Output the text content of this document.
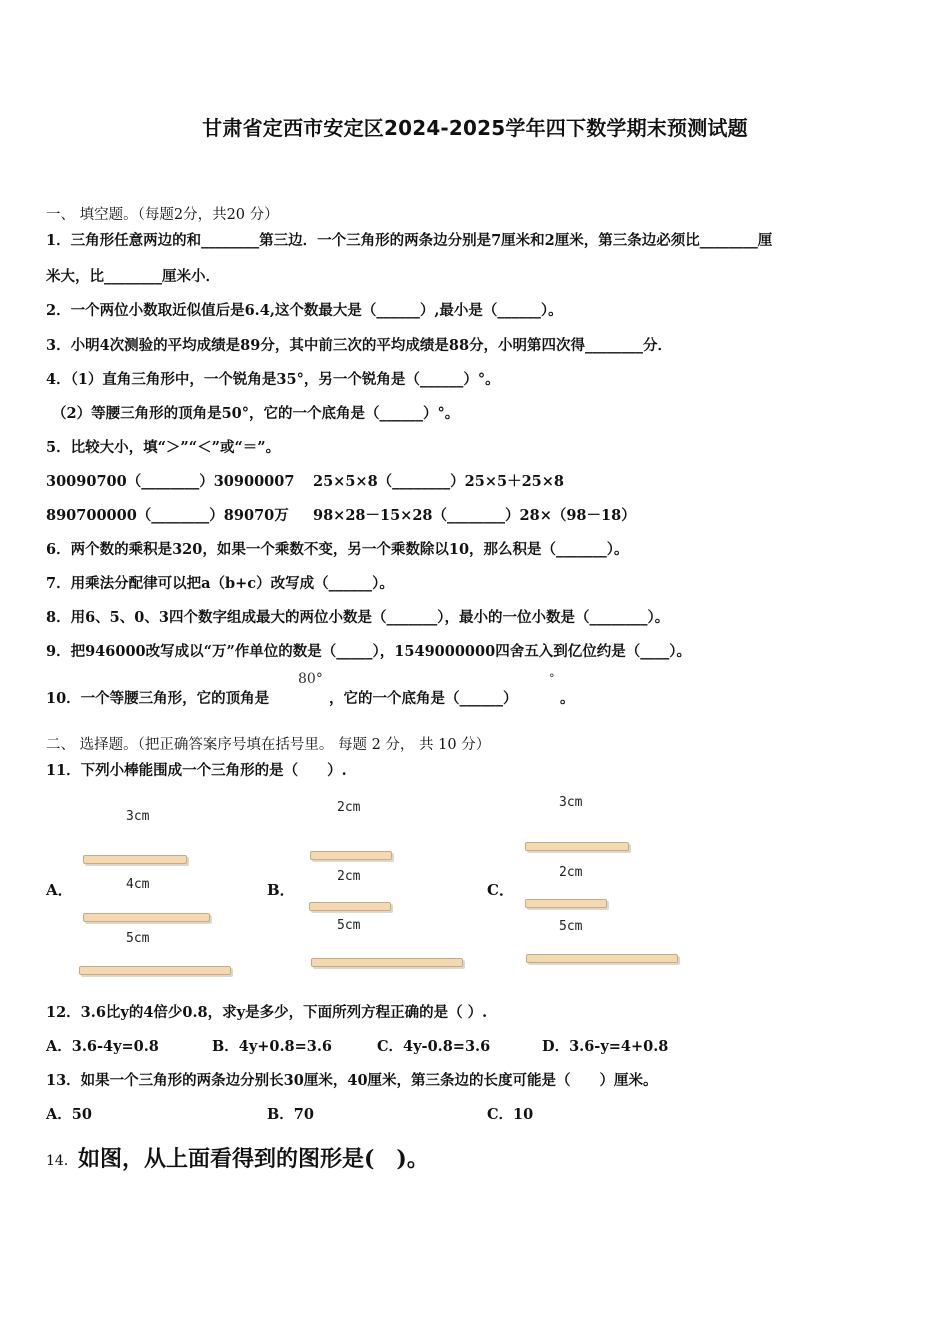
甘肃省定西市安定区2024-2025学年四下数学期末预测试题
一、 填空题。（每题2分，共20 分）
1．三角形任意两边的和________第三边．一个三角形的两条边分别是7厘米和2厘米，第三条边必须比________厘
米大，比________厘米小．
2．一个两位小数取近似值后是6.4,这个数最大是（______）,最小是（______）。
3．小明4次测验的平均成绩是89分，其中前三次的平均成绩是88分，小明第四次得________分．
4．（1）直角三角形中，一个锐角是35°，另一个锐角是（______）°。
（2）等腰三角形的顶角是50°，它的一个底角是（______）°。
5．比较大小，填“＞”“＜”或“＝”。
30090700（________）30900007 25×5×8（________）25×5＋25×8
890700000（________）89070万 98×28－15×28（________）28×（98－18）
6．两个数的乘积是320，如果一个乘数不变，另一个乘数除以10，那么积是（_______）。
7．用乘法分配律可以把a（b+c）改写成（______）。
8．用6、5、0、3四个数字组成最大的两位小数是（_______），最小的一位小数是（________）。
9．把946000改写成以“万”作单位的数是（_____），1549000000四舍五入到亿位约是（____）。
10．一个等腰三角形，它的顶角是
80°
，它的一个底角是（______）
°
。
二、 选择题。（把正确答案序号填在括号里。 每题 2 分， 共 10 分）
11．下列小棒能围成一个三角形的是（　　）.
A．
3cm
4cm
5cm
B．
2cm
2cm
5cm
C．
3cm
2cm
5cm
12．3.6比y的4倍少0.8，求y是多少，下面所列方程正确的是（ ）.
A．3.6-4y=0.8	B．4y+0.8=3.6	C．4y-0.8=3.6	D．3.6-y=4+0.8
13．如果一个三角形的两条边分别长30厘米，40厘米，第三条边的长度可能是（　　）厘米。
A．50	B．70	C．10
14． 如图，从上面看得到的图形是(　)。
